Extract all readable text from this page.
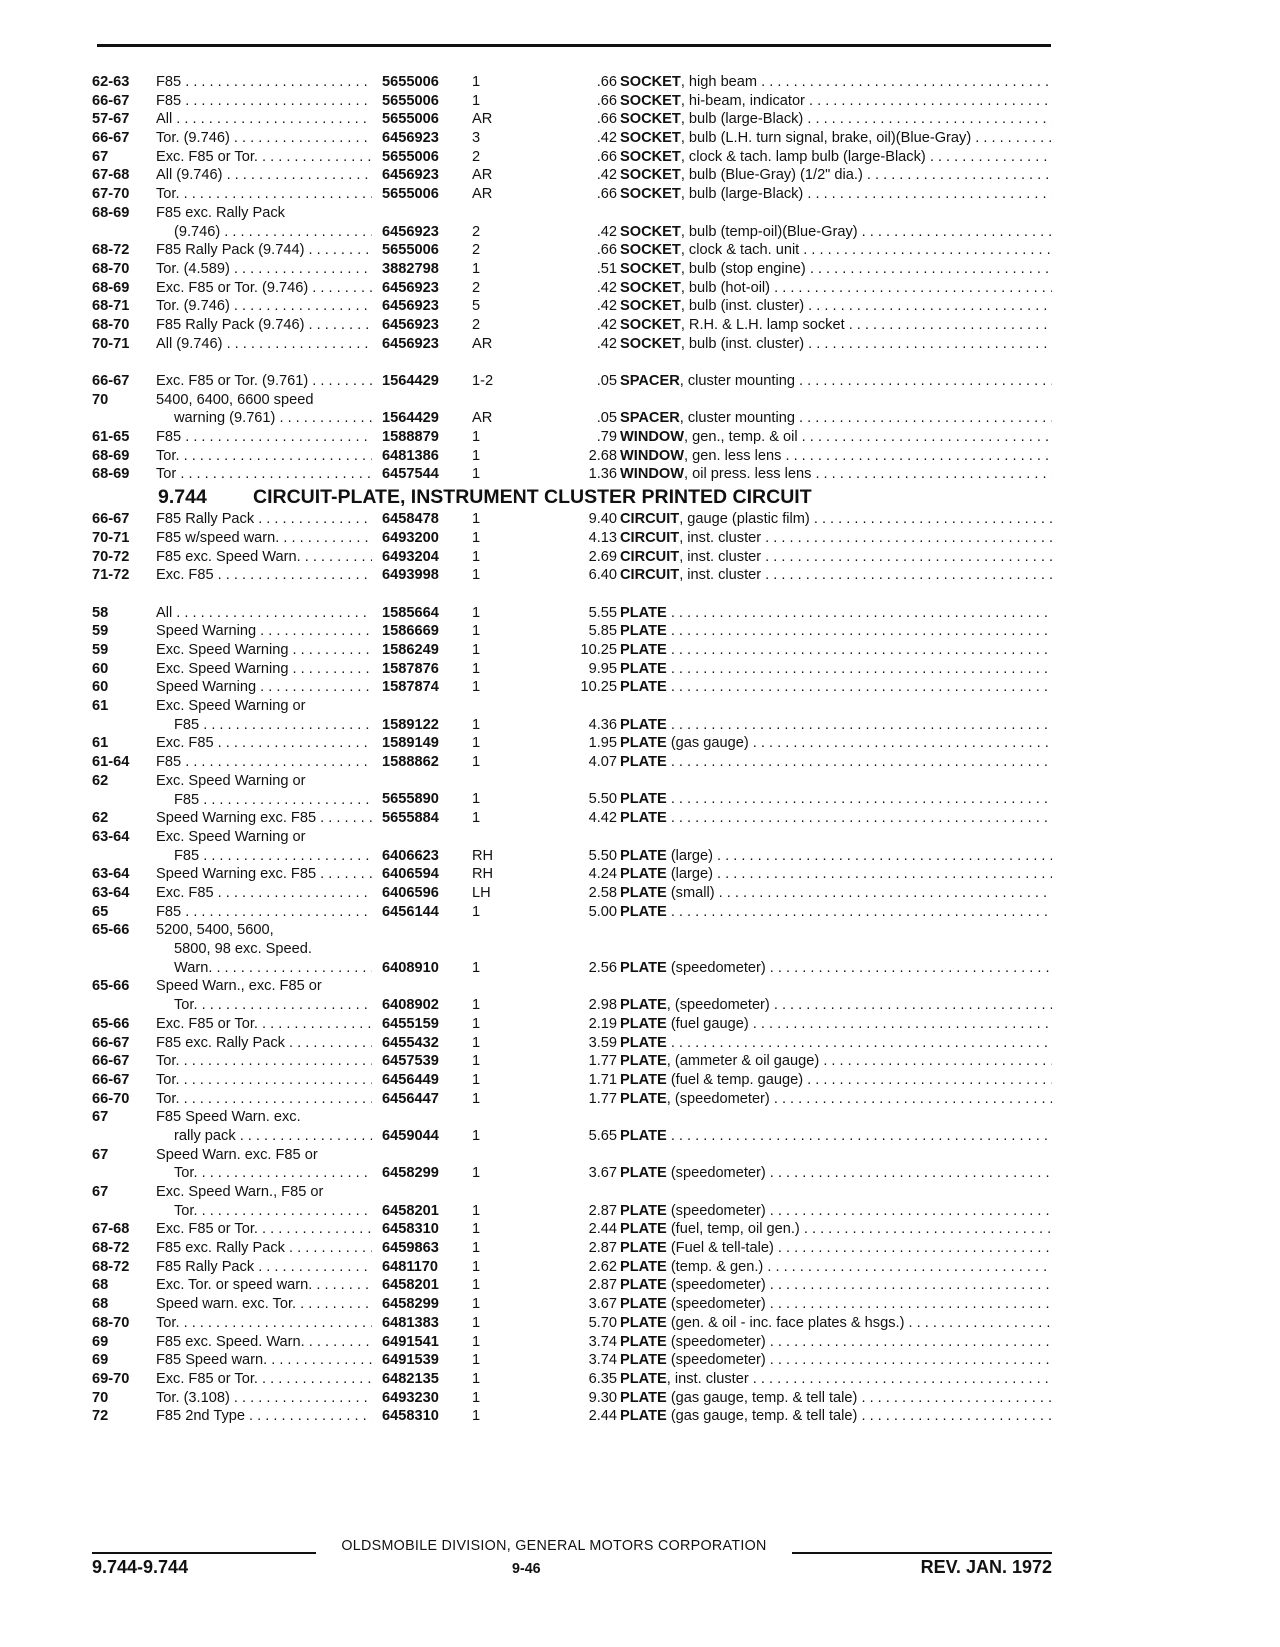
62-63	F85 . . .	5655006	1	.66 SOCKET, high beam . . .
66-67	F85 . . .	5655006	1	.66 SOCKET, hi-beam, indicator . . .
57-67	All . . .	5655006	AR	.66 SOCKET, bulb (large-Black) . . .
66-67	Tor. (9.746) . . .	6456923	3	.42 SOCKET, bulb (L.H. turn signal, brake, oil)(Blue-Gray) . . .
67	Exc. F85 or Tor. . . .	5655006	2	.66 SOCKET, clock & tach. lamp bulb (large-Black) . . .
67-68	All (9.746) . . .	6456923	AR	.42 SOCKET, bulb (Blue-Gray) (1/2" dia.) . . .
67-70	Tor. . . .	5655006	AR	.66 SOCKET, bulb (large-Black) . . .
68-69	F85 exc. Rally Pack
(9.746) . . .	6456923	2	.42 SOCKET, bulb (temp-oil)(Blue-Gray) . . .
68-72	F85 Rally Pack (9.744) . . .	5655006	2	.66 SOCKET, clock & tach. unit . . .
68-70	Tor. (4.589) . . .	3882798	1	.51 SOCKET, bulb (stop engine) . . .
68-69	Exc. F85 or Tor. (9.746) . . .	6456923	2	.42 SOCKET, bulb (hot-oil) . . .
68-71	Tor. (9.746) . . .	6456923	5	.42 SOCKET, bulb (inst. cluster) . . .
68-70	F85 Rally Pack (9.746) . . .	6456923	2	.42 SOCKET, R.H. & L.H. lamp socket . . .
70-71	All (9.746) . . .	6456923	AR	.42 SOCKET, bulb (inst. cluster) . . .
66-67	Exc. F85 or Tor. (9.761) . . .	1564429	1-2	.05 SPACER, cluster mounting . . .
70	5400, 6400, 6600 speed
warning (9.761) . . .	1564429	AR	.05 SPACER, cluster mounting . . .
61-65	F85 . . .	1588879	1	.79 WINDOW, gen., temp. & oil . . .
68-69	Tor. . . .	6481386	1	2.68 WINDOW, gen. less lens . . .
68-69	Tor . . .	6457544	1	1.36 WINDOW, oil press. less lens . . .
9.744 CIRCUIT-PLATE, INSTRUMENT CLUSTER PRINTED CIRCUIT
66-67	F85 Rally Pack . . .	6458478	1	9.40 CIRCUIT, gauge (plastic film) . . .
70-71	F85 w/speed warn. . . .	6493200	1	4.13 CIRCUIT, inst. cluster . . .
70-72	F85 exc. Speed Warn. . . .	6493204	1	2.69 CIRCUIT, inst. cluster . . .
71-72	Exc. F85 . . .	6493998	1	6.40 CIRCUIT, inst. cluster . . .
58	All . . .	1585664	1	5.55 PLATE . . .
59	Speed Warning . . .	1586669	1	5.85 PLATE . . .
59	Exc. Speed Warning . . .	1586249	1	10.25 PLATE . . .
60	Exc. Speed Warning . . .	1587876	1	9.95 PLATE . . .
60	Speed Warning . . .	1587874	1	10.25 PLATE . . .
61	Exc. Speed Warning or
F85 . . .	1589122	1	4.36 PLATE . . .
61	Exc. F85 . . .	1589149	1	1.95 PLATE (gas gauge) . . .
61-64	F85 . . .	1588862	1	4.07 PLATE . . .
62	Exc. Speed Warning or
F85 . . .	5655890	1	5.50 PLATE . . .
62	Speed Warning exc. F85 . . .	5655884	1	4.42 PLATE . . .
63-64	Exc. Speed Warning or
F85 . . .	6406623	RH	5.50 PLATE (large) . . .
63-64	Speed Warning exc. F85 . . .	6406594	RH	4.24 PLATE (large) . . .
63-64	Exc. F85 . . .	6406596	LH	2.58 PLATE (small) . . .
65	F85 . . .	6456144	1	5.00 PLATE . . .
65-66	5200, 5400, 5600,
5800, 98 exc. Speed.
Warn. . . .	6408910	1	2.56 PLATE (speedometer) . . .
65-66	Speed Warn., exc. F85 or
Tor. . . .	6408902	1	2.98 PLATE, (speedometer) . . .
65-66	Exc. F85 or Tor. . . .	6455159	1	2.19 PLATE (fuel gauge) . . .
66-67	F85 exc. Rally Pack . . .	6455432	1	3.59 PLATE . . .
66-67	Tor. . . .	6457539	1	1.77 PLATE, (ammeter & oil gauge) . . .
66-67	Tor. . . .	6456449	1	1.71 PLATE (fuel & temp. gauge) . . .
66-70	Tor. . . .	6456447	1	1.77 PLATE, (speedometer) . . .
67	F85 Speed Warn. exc.
rally pack . . .	6459044	1	5.65 PLATE . . .
67	Speed Warn. exc. F85 or
Tor. . . .	6458299	1	3.67 PLATE (speedometer) . . .
67	Exc. Speed Warn., F85 or
Tor. . . .	6458201	1	2.87 PLATE (speedometer) . . .
67-68	Exc. F85 or Tor. . . .	6458310	1	2.44 PLATE (fuel, temp, oil gen.) . . .
68-72	F85 exc. Rally Pack . . .	6459863	1	2.87 PLATE (Fuel & tell-tale) . . .
68-72	F85 Rally Pack . . .	6481170	1	2.62 PLATE (temp. & gen.) . . .
68	Exc. Tor. or speed warn. . . .	6458201	1	2.87 PLATE (speedometer) . . .
68	Speed warn. exc. Tor. . . .	6458299	1	3.67 PLATE (speedometer) . . .
68-70	Tor. . . .	6481383	1	5.70 PLATE (gen. & oil - inc. face plates & hsgs.) . . .
69	F85 exc. Speed. Warn. . . .	6491541	1	3.74 PLATE (speedometer) . . .
69	F85 Speed warn. . . .	6491539	1	3.74 PLATE (speedometer) . . .
69-70	Exc. F85 or Tor. . . .	6482135	1	6.35 PLATE, inst. cluster . . .
70	Tor. (3.108) . . .	6493230	1	9.30 PLATE (gas gauge, temp. & tell tale) . . .
72	F85 2nd Type . . .	6458310	1	2.44 PLATE (gas gauge, temp. & tell tale) . . .
OLDSMOBILE DIVISION, GENERAL MOTORS CORPORATION
9.744-9.744	9-46	REV. JAN. 1972
